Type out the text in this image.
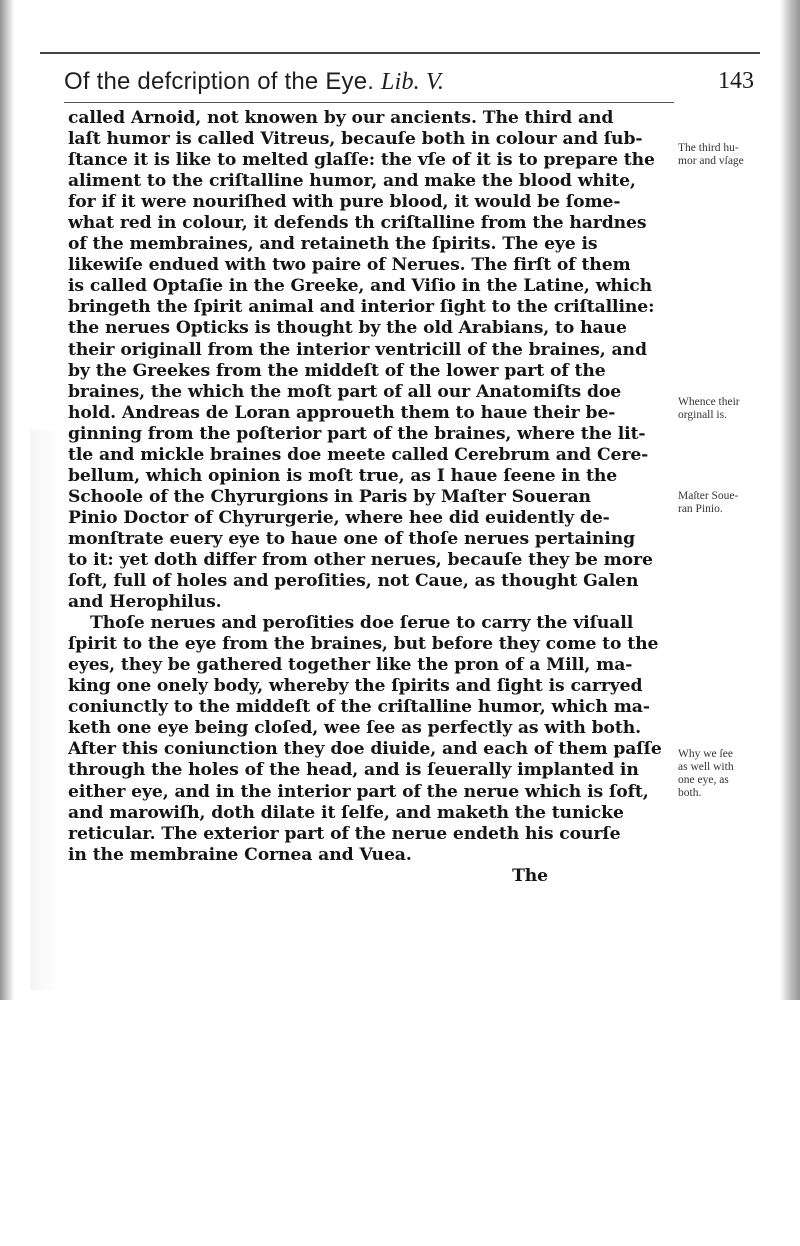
Of the defcription of the Eye. Lib. V.	143
called Arnoid, not knowen by our ancients. The third and
laſt humor is called Vitreus, becauſe both in colour and ſub-
ſtance it is like to melted glaſſe: the vſe of it is to prepare the
aliment to the criſtalline humor, and make the blood white,
for if it were nouriſhed with pure blood, it would be ſome-
what red in colour, it defends th criſtalline from the hardnes
of the membraines, and retaineth the ſpirits. The eye is
likewiſe endued with two paire of Nerues. The firſt of them
is called Optaſie in the Greeke, and Viſio in the Latine, which
bringeth the ſpirit animal and interior ſight to the criſtalline:
the nerues Opticks is thought by the old Arabians, to haue
their originall from the interior ventricill of the braines, and
by the Greekes from the middeſt of the lower part of the
braines, the which the moſt part of all our Anatomiſts doe
hold. Andreas de Loran approueth them to haue their be-
ginning from the poſterior part of the braines, where the lit-
tle and mickle braines doe meete called Cerebrum and Cere-
bellum, which opinion is moſt true, as I haue ſeene in the
Schoole of the Chyrurgions in Paris by Maſter Soueran
Pinio Doctor of Chyrurgerie, where hee did euidently de-
monſtrate euery eye to haue one of thoſe nerues pertaining
to it: yet doth differ from other nerues, becauſe they be more
ſoft, full of holes and peroſities, not Caue, as thought Galen
and Herophilus.
Thoſe nerues and peroſities doe ſerue to carry the viſuall
ſpirit to the eye from the braines, but before they come to the
eyes, they be gathered together like the pron of a Mill, ma-
king one onely body, whereby the ſpirits and ſight is carryed
coniunctly to the middeſt of the criſtalline humor, which ma-
keth one eye being cloſed, wee ſee as perfectly as with both.
After this coniunction they doe diuide, and each of them paſſe
through the holes of the head, and is ſeuerally implanted in
either eye, and in the interior part of the nerue which is ſoft,
and marowiſh, doth dilate it ſelfe, and maketh the tunicke
reticular. The exterior part of the nerue endeth his courſe
in the membraine Cornea and Vuea.
The
The third hu-
mor and vſage
Whence their
orginall is.
Maſter Soue-
ran Pinio.
Why we ſee
as well with
one eye, as
both.
